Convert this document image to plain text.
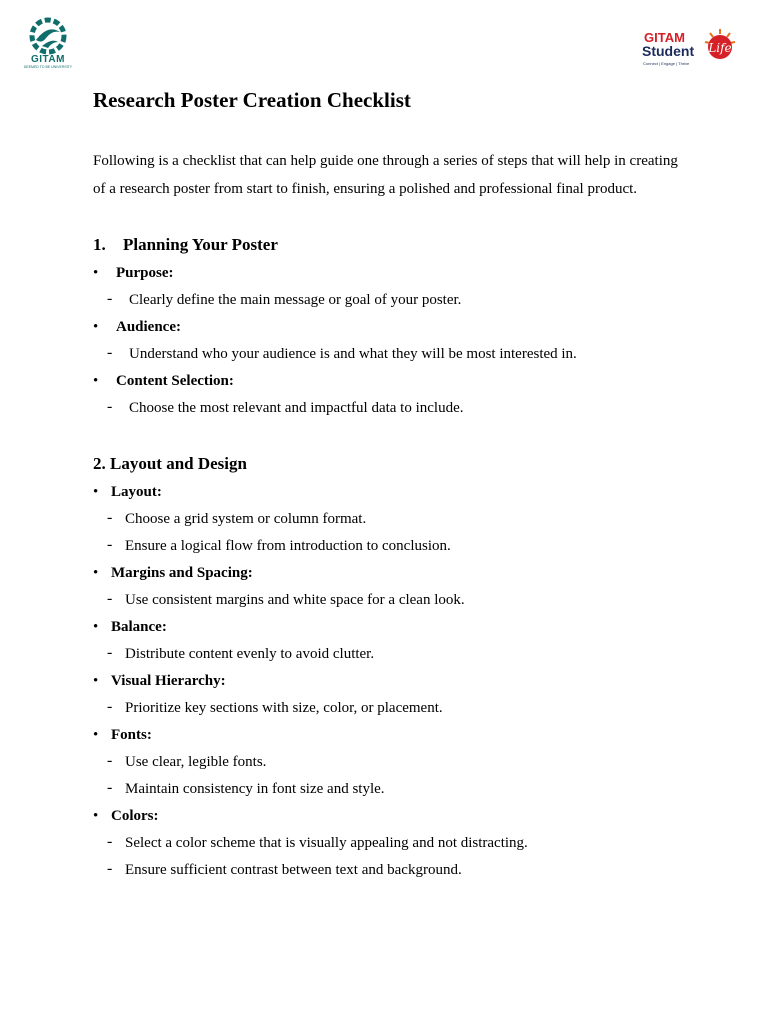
GITAM
DEEMED TO BE UNIVERSITY
GITAM
Student Life
Connect | Engage | Thrive
Research Poster Creation Checklist
Following is a checklist that can help guide one through a series of steps that will help in creating of a research poster from start to finish, ensuring a polished and professional final product.
1. Planning Your Poster
• Purpose:
- Clearly define the main message or goal of your poster.
• Audience:
- Understand who your audience is and what they will be most interested in.
• Content Selection:
- Choose the most relevant and impactful data to include.
2. Layout and Design
• Layout:
- Choose a grid system or column format.
- Ensure a logical flow from introduction to conclusion.
• Margins and Spacing:
- Use consistent margins and white space for a clean look.
• Balance:
- Distribute content evenly to avoid clutter.
• Visual Hierarchy:
- Prioritize key sections with size, color, or placement.
• Fonts:
- Use clear, legible fonts.
- Maintain consistency in font size and style.
• Colors:
- Select a color scheme that is visually appealing and not distracting.
- Ensure sufficient contrast between text and background.
